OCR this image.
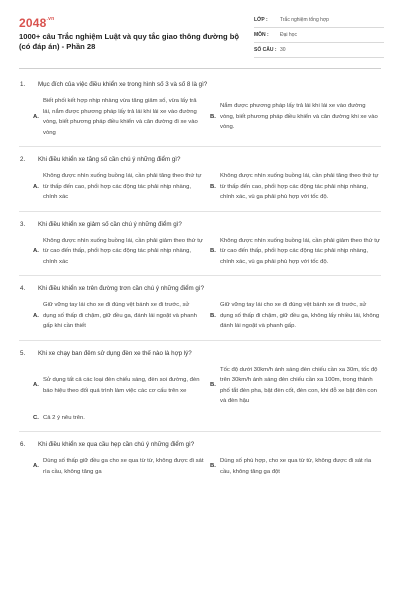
$2048^{.vn}$
1000+ câu Trắc nghiệm Luật và quy tắc giao thông đường bộ (có đáp án) - Phần 28
LỚP :	Trắc nghiệm tổng hợp
MÔN :	Đại học
SỐ CÂU : 30
1.	Mục đích của việc điều khiển xe trong hình số 3 và số 8 là gì?
A.
Biết phối kết hợp nhịp nhàng vừa tăng giảm số, vừa lấy trả lái, nắm được phương pháp lấy trả lái khi lái xe vào đường vòng, biết phương pháp điều khiển và cân đường đi xe vào vòng
B.
Nắm được phương pháp lấy trả lái khi lái xe vào đường vòng, biết phương pháp điều khiển và cân đường khi xe vào vòng.
2.	Khi điều khiển xe tăng số cần chú ý những điểm gì?
A.
Không được nhìn xuống buồng lái, cần phải tăng theo thứ tự từ thấp đến cao, phối hợp các động tác phải nhịp nhàng, chính xác
B.
Không được nhìn xuống buồng lái, cần phải tăng theo thứ tự từ thấp đến cao, phối hợp các động tác phải nhịp nhàng, chính xác, vù ga phải phù hợp với tốc độ.
3.	Khi điều khiển xe giảm số cần chú ý những điểm gì?
A.
Không được nhìn xuống buồng lái, cần phải giảm theo thứ tự từ cao đến thấp, phối hợp các động tác phải nhịp nhàng, chính xác
B.
Không được nhìn xuống buồng lái, cần phải giảm theo thứ tự từ cao đến thấp, phối hợp các động tác phải nhịp nhàng, chính xác, vù ga phải phù hợp với tốc độ.
4.	Khi điều khiển xe trên đường trơn cần chú ý những điểm gì?
A.
Giữ vững tay lái cho xe đi đúng vệt bánh xe đi trước, sử dụng số thấp đi chậm, giữ đều ga, đánh lái ngoặt và phanh gấp khi cần thiết
B.
Giữ vững tay lái cho xe đi đúng vệt bánh xe đi trước, sử dụng số thấp đi chậm, giữ đều ga, không lấy nhiều lái, không đánh lái ngoặt và phanh gấp.
5.	Khi xe chạy ban đêm sử dụng đèn xe thế nào là hợp lý?
A.
Sử dụng tất cả các loại đèn chiếu sáng, đèn soi đường, đèn báo hiệu theo đối quá trình làm việc các cơ cấu trên xe
B.
Tốc độ dưới 30km/h ánh sáng đèn chiếu cần xa 30m, tốc độ trên 30km/h ánh sáng đèn chiếu cần xa 100m, trong thành phố tắt đèn pha, bật đèn cốt, đèn con, khi đỗ xe bật đèn con và đèn hậu
C. Cả 2 ý nêu trên.
6.	Khi điều khiển xe qua cầu hẹp cần chú ý những điểm gì?
A.
Dùng số thấp giữ đều ga cho xe qua từ từ, không được đi sát rìa cầu, không tăng ga
B.
Dùng số phù hợp, cho xe qua từ từ, không được đi sát rìa cầu, không tăng ga đột
